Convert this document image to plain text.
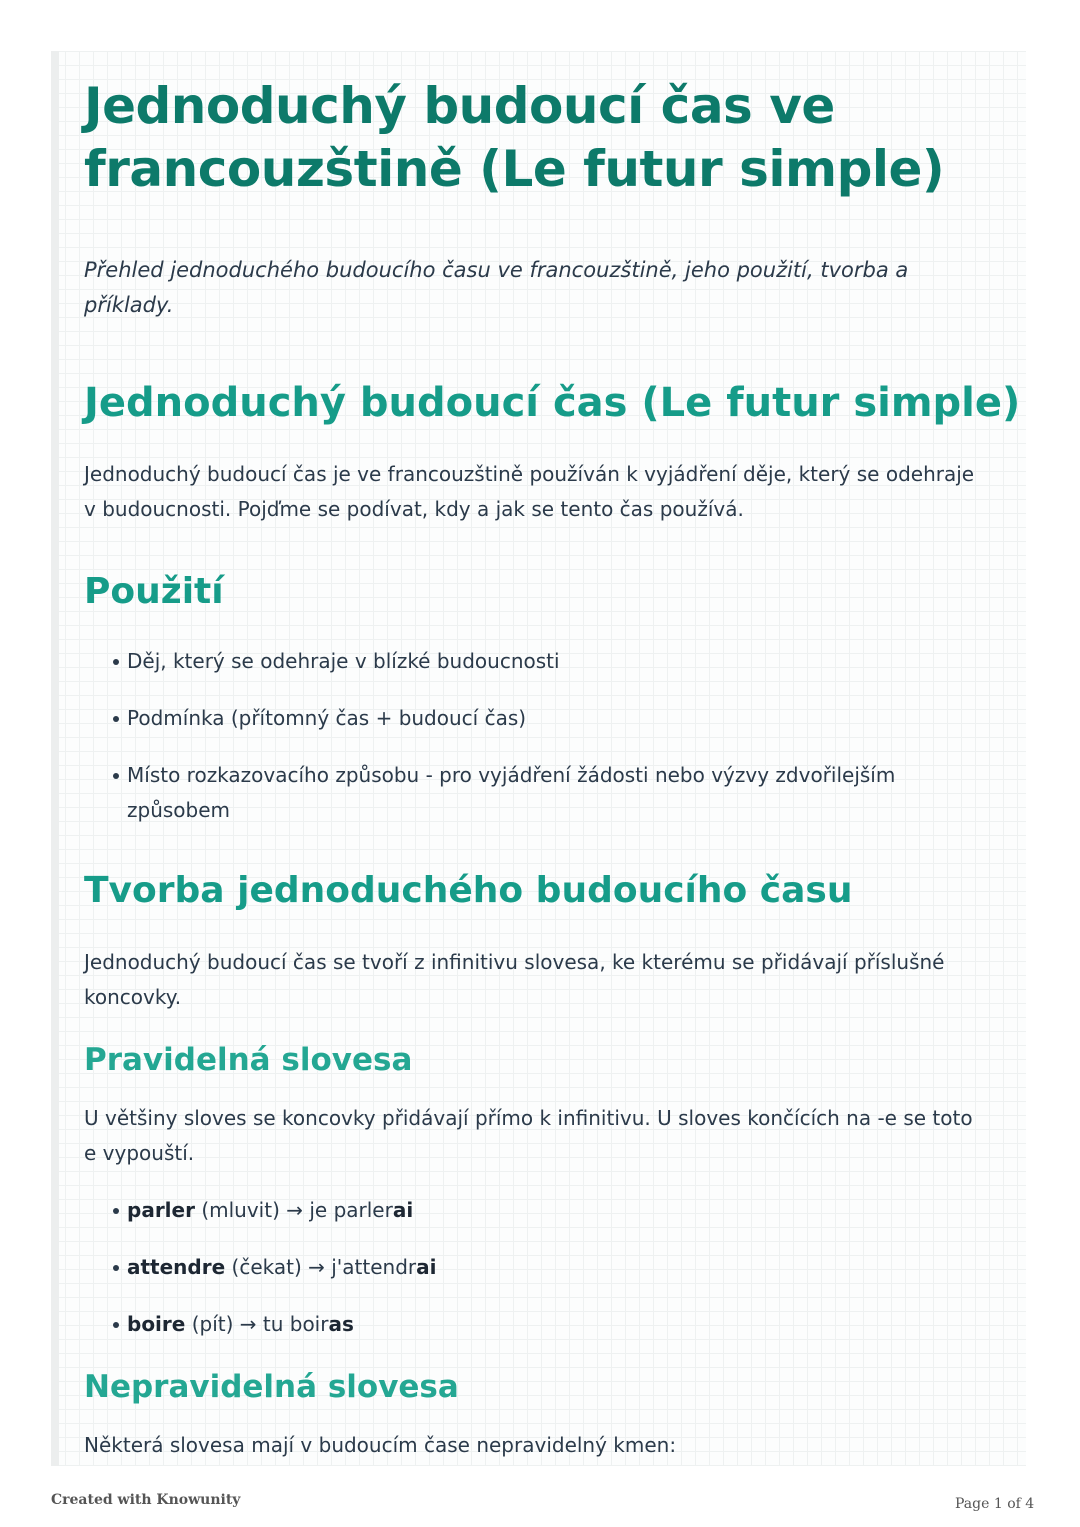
Jednoduchý budoucí čas ve francouzštině (Le futur simple)

Přehled jednoduchého budoucího času ve francouzštině, jeho použití, tvorba a příklady.

Jednoduchý budoucí čas (Le futur simple)

Jednoduchý budoucí čas je ve francouzštině používán k vyjádření děje, který se odehraje v budoucnosti. Pojďme se podívat, kdy a jak se tento čas používá.

Použití
Děj, který se odehraje v blízké budoucnosti
Podmínka (přítomný čas + budoucí čas)
Místo rozkazovacího způsobu - pro vyjádření žádosti nebo výzvy zdvořilejším způsobem
Tvorba jednoduchého budoucího času

Jednoduchý budoucí čas se tvoří z infinitivu slovesa, ke kterému se přidávají příslušné koncovky.

Pravidelná slovesa

U většiny sloves se koncovky přidávají přímo k infinitivu. U sloves končících na -e se toto e vypouští.

parler (mluvit) → je parlerai
attendre (čekat) → j'attendrai
boire (pít) → tu boiras
Nepravidelná slovesa

Některá slovesa mají v budoucím čase nepravidelný kmen:

Created with Knowunity	Page 1 of 4
